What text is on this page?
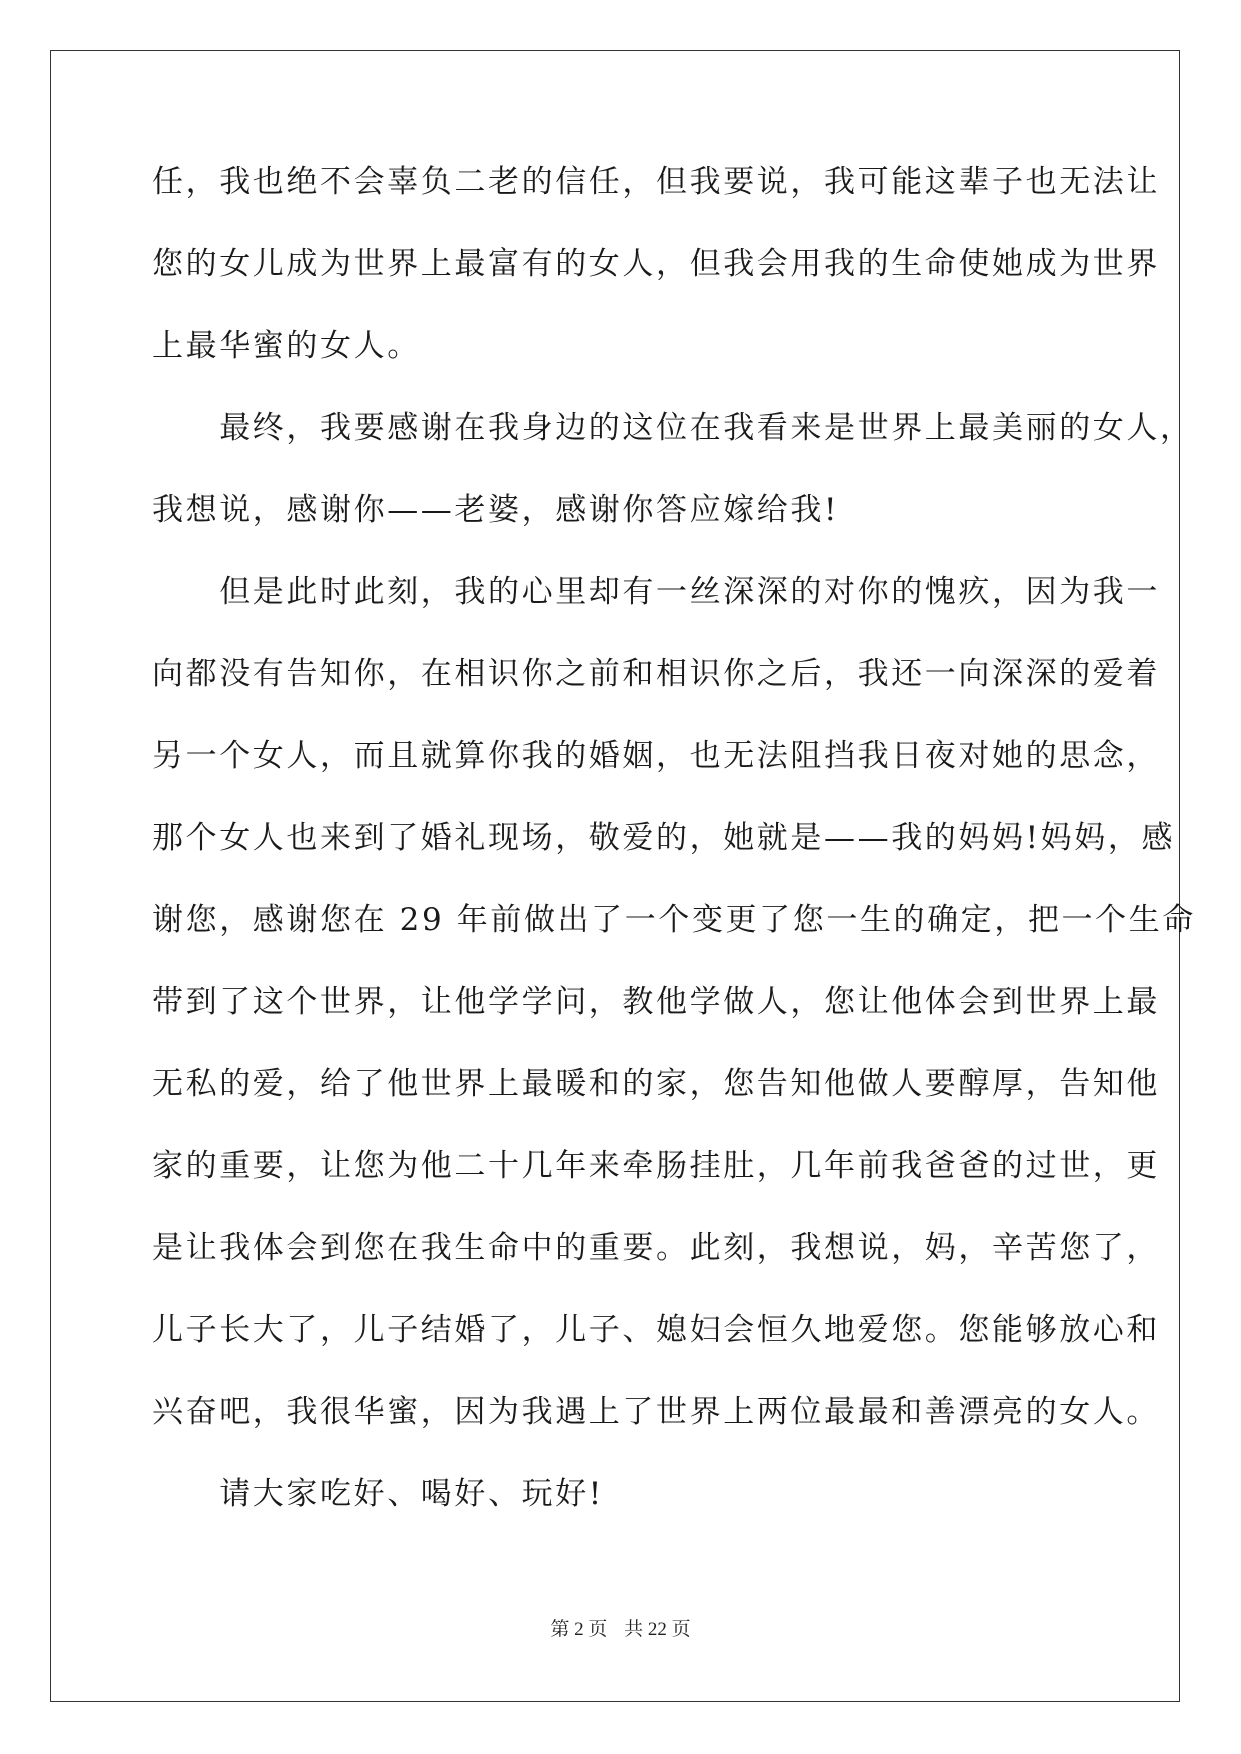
任，我也绝不会辜负二老的信任，但我要说，我可能这辈子也无法让
您的女儿成为世界上最富有的女人，但我会用我的生命使她成为世界
上最华蜜的女人。
　　最终，我要感谢在我身边的这位在我看来是世界上最美丽的女人，
我想说，感谢你——老婆，感谢你答应嫁给我!
　　但是此时此刻，我的心里却有一丝深深的对你的愧疚，因为我一
向都没有告知你，在相识你之前和相识你之后，我还一向深深的爱着
另一个女人，而且就算你我的婚姻，也无法阻挡我日夜对她的思念，
那个女人也来到了婚礼现场，敬爱的，她就是——我的妈妈!妈妈，感
谢您，感谢您在 29 年前做出了一个变更了您一生的确定，把一个生命
带到了这个世界，让他学学问，教他学做人，您让他体会到世界上最
无私的爱，给了他世界上最暖和的家，您告知他做人要醇厚，告知他
家的重要，让您为他二十几年来牵肠挂肚，几年前我爸爸的过世，更
是让我体会到您在我生命中的重要。此刻，我想说，妈，辛苦您了，
儿子长大了，儿子结婚了，儿子、媳妇会恒久地爱您。您能够放心和
兴奋吧，我很华蜜，因为我遇上了世界上两位最最和善漂亮的女人。
　　请大家吃好、喝好、玩好!
第 2 页 共 22 页
